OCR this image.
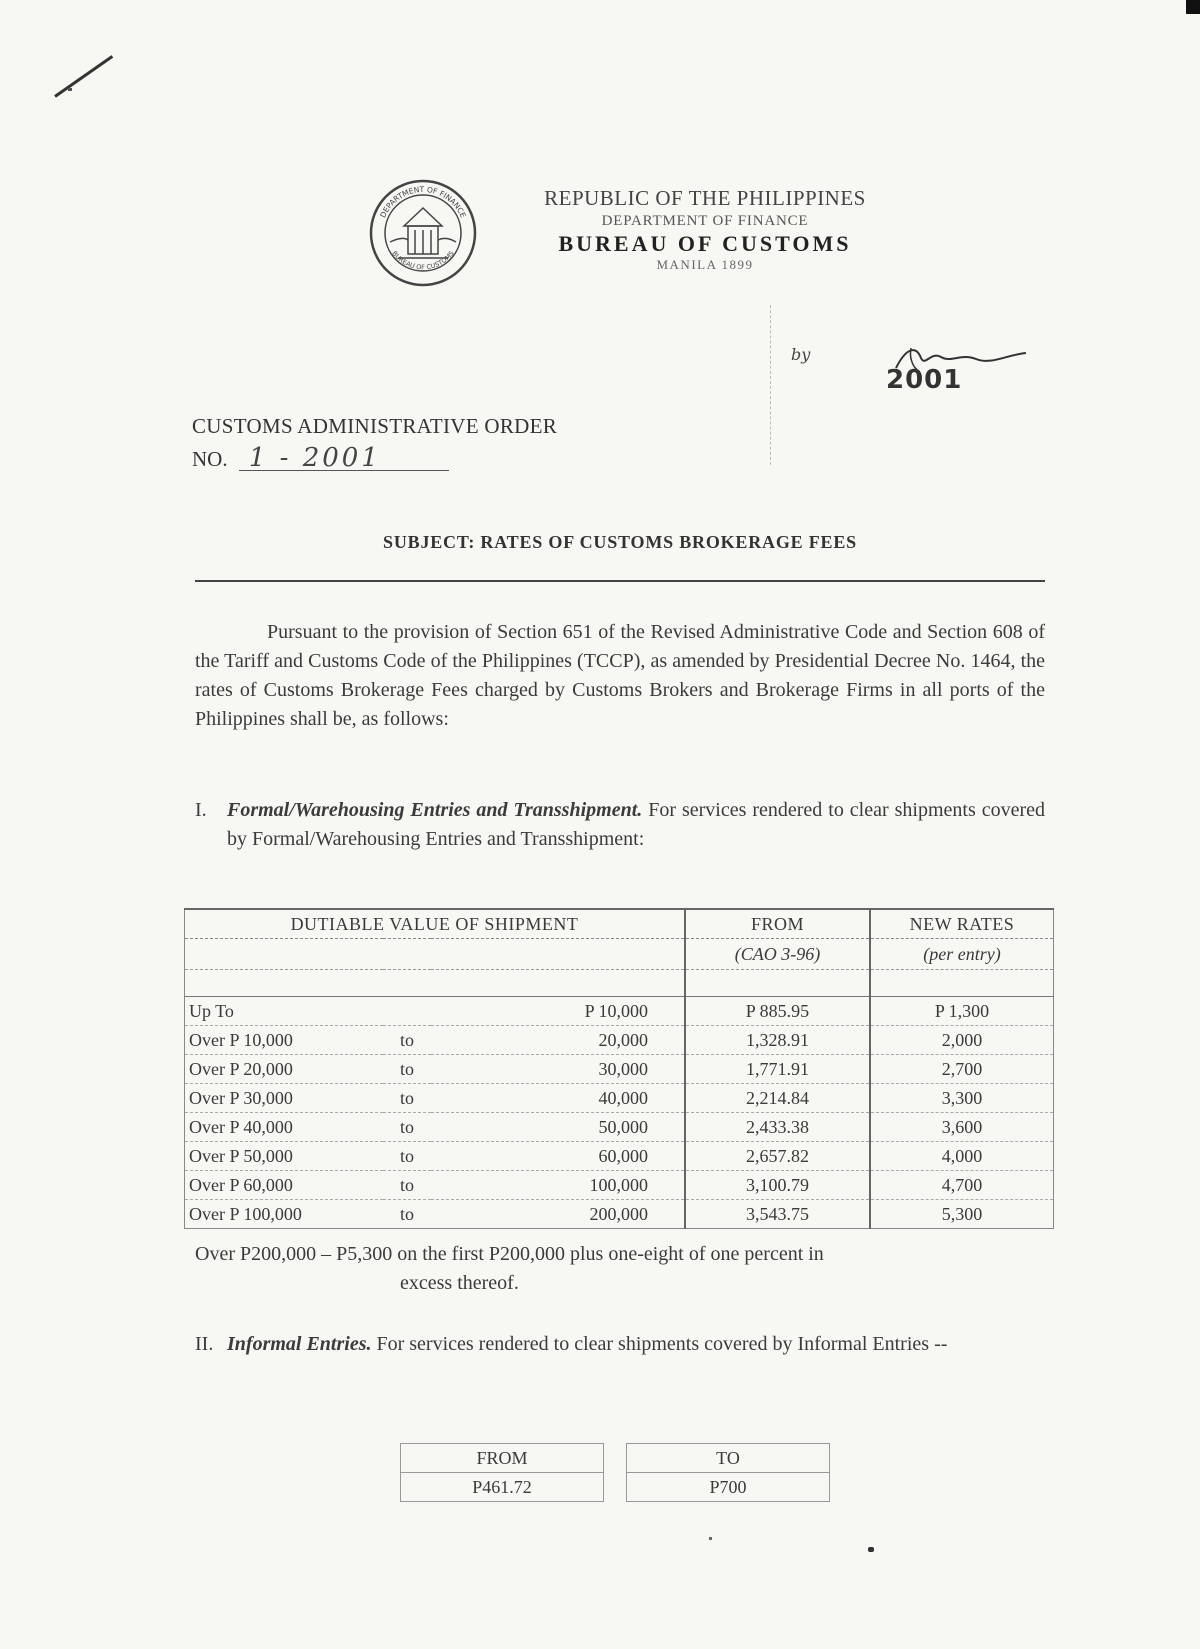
DEPARTMENT OF FINANCE
BUREAU OF CUSTOMS
REPUBLIC OF THE PHILIPPINES
DEPARTMENT OF FINANCE
BUREAU OF CUSTOMS
MANILA 1899
by
2001
CUSTOMS ADMINISTRATIVE ORDER
NO. 1 - 2001
SUBJECT: RATES OF CUSTOMS BROKERAGE FEES
Pursuant to the provision of Section 651 of the Revised Administrative Code and Section 608 of the Tariff and Customs Code of the Philippines (TCCP), as amended by Presidential Decree No. 1464, the rates of Customs Brokerage Fees charged by Customs Brokers and Brokerage Firms in all ports of the Philippines shall be, as follows:
I. Formal/Warehousing Entries and Transshipment. For services rendered to clear shipments covered by Formal/Warehousing Entries and Transshipment:
DUTIABLE VALUE OF SHIPMENT			FROM	NEW RATES
			(CAO 3-96)	(per entry)

Up To		P 10,000	P 885.95	P 1,300
Over P 10,000	to	20,000	1,328.91	2,000
Over P 20,000	to	30,000	1,771.91	2,700
Over P 30,000	to	40,000	2,214.84	3,300
Over P 40,000	to	50,000	2,433.38	3,600
Over P 50,000	to	60,000	2,657.82	4,000
Over P 60,000	to	100,000	3,100.79	4,700
Over P 100,000	to	200,000	3,543.75	5,300
Over P200,000 – P5,300 on the first P200,000 plus one-eight of one percent in
excess thereof.
II. Informal Entries. For services rendered to clear shipments covered by Informal Entries --
FROM		TO
P461.72		P700
